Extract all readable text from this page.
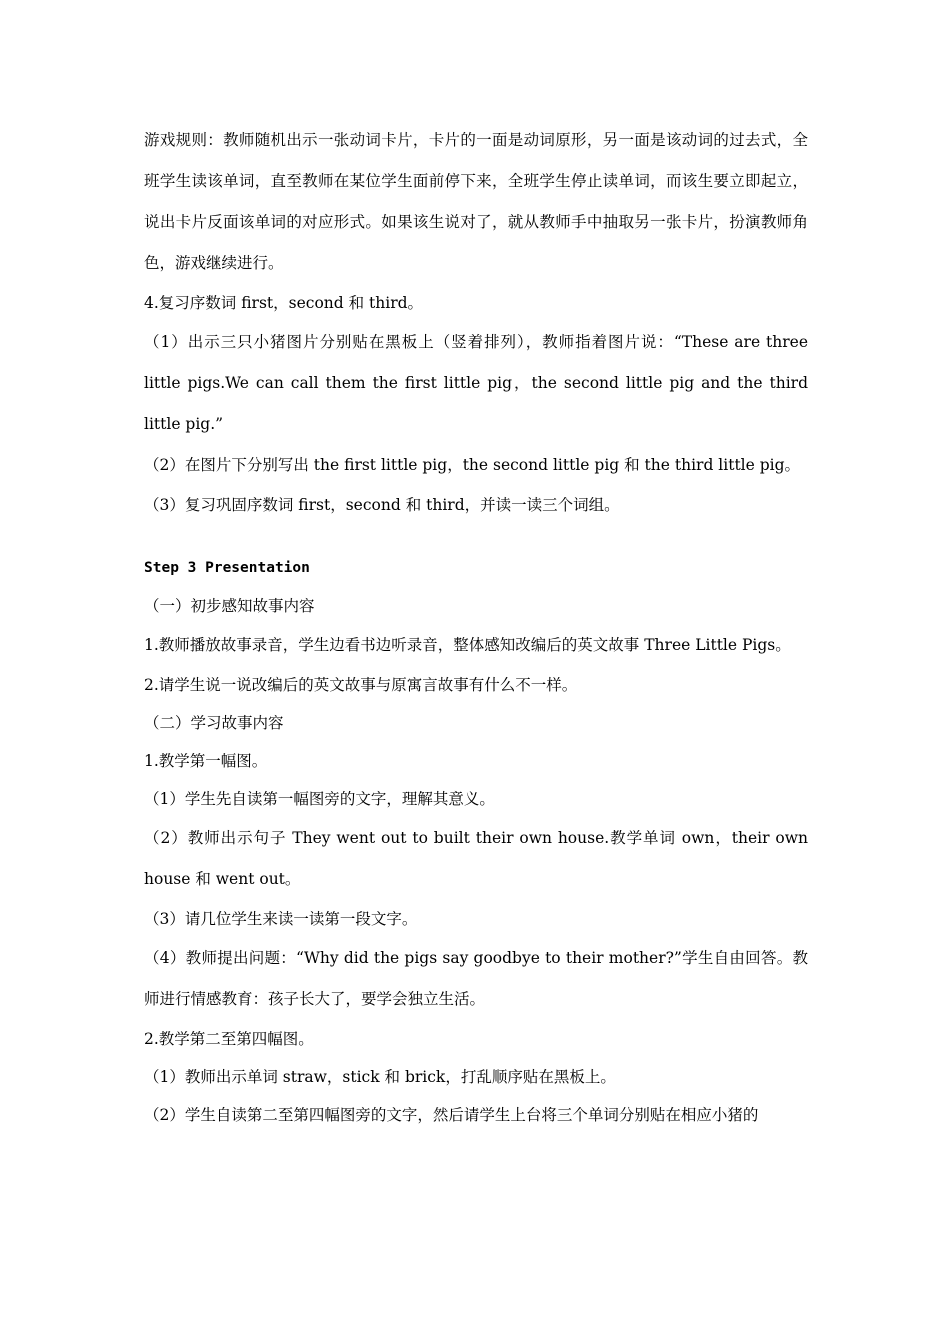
游戏规则：教师随机出示一张动词卡片，卡片的一面是动词原形，另一面是该动词的过去式，全班学生读该单词，直至教师在某位学生面前停下来，全班学生停止读单词，而该生要立即起立，说出卡片反面该单词的对应形式。如果该生说对了，就从教师手中抽取另一张卡片，扮演教师角色，游戏继续进行。

4.复习序数词 first，second 和 third。

（1）出示三只小猪图片分别贴在黑板上（竖着排列），教师指着图片说：“These are three little pigs.We can call them the first little pig，the second little pig and the third little pig.”

（2）在图片下分别写出 the first little pig，the second little pig 和 the third little pig。

（3）复习巩固序数词 first，second 和 third，并读一读三个词组。

Step 3 Presentation

（一）初步感知故事内容

1.教师播放故事录音，学生边看书边听录音，整体感知改编后的英文故事 Three Little Pigs。

2.请学生说一说改编后的英文故事与原寓言故事有什么不一样。

（二）学习故事内容

1.教学第一幅图。

（1）学生先自读第一幅图旁的文字，理解其意义。

（2）教师出示句子 They went out to built their own house.教学单词 own，their own house 和 went out。

（3）请几位学生来读一读第一段文字。

（4）教师提出问题：“Why did the pigs say goodbye to their mother?”学生自由回答。教师进行情感教育：孩子长大了，要学会独立生活。

2.教学第二至第四幅图。

（1）教师出示单词 straw，stick 和 brick，打乱顺序贴在黑板上。

（2）学生自读第二至第四幅图旁的文字，然后请学生上台将三个单词分别贴在相应小猪的
